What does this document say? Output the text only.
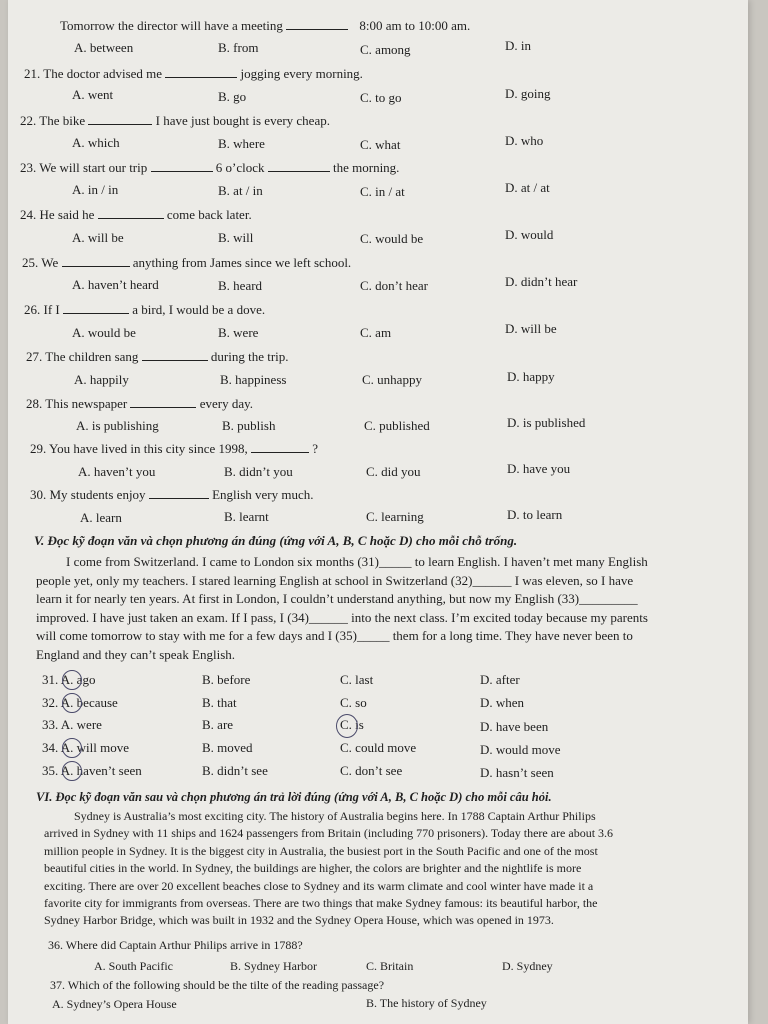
Tomorrow the director will have a meeting	8:00 am to 10:00 am.
A. between	B. from	C. among	D. in
21. The doctor advised me	jogging every morning.
A. went	B. go	C. to go	D. going
22. The bike	I have just bought is every cheap.
A. which	B. where	C. what	D. who
23. We will start our trip	6 o’clock	the morning.
A. in / in	B. at / in	C. in / at	D. at / at
24. He said he	come back later.
A. will be	B. will	C. would be	D. would
25. We	anything from James since we left school.
A. haven’t heard	B. heard	C. don’t hear	D. didn’t hear
26. If I	a bird, I would be a dove.
A. would be	B. were	C. am	D. will be
27. The children sang	during the trip.
A. happily	B. happiness	C. unhappy	D. happy
28. This newspaper	every day.
A. is publishing	B. publish	C. published	D. is published
29. You have lived in this city since 1998,	?
A. haven’t you	B. didn’t you	C. did you	D. have you
30. My students enjoy	English very much.
A. learn	B. learnt	C. learning	D. to learn
V. Đọc kỹ đoạn văn và chọn phương án đúng (ứng với A, B, C hoặc D) cho mỗi chỗ trống.
I come from Switzerland. I came to London six months (31)_____ to learn English. I haven’t met many English
people yet, only my teachers. I stared learning English at school in Switzerland (32)______ I was eleven, so I have
learn it for nearly ten years. At first in London, I couldn’t understand anything, but now my English (33)_________
improved. I have just taken an exam. If I pass, I (34)______ into the next class. I’m excited today because my parents
will come tomorrow to stay with me for a few days and I (35)_____ them for a long time. They have never been to
England and they can’t speak English.
31. A. ago	B. before	C. last	D. after
32. A. because	B. that	C. so	D. when
33. A. were	B. are	C. is	D. have been
34. A. will move	B. moved	C. could move	D. would move
35. A. haven’t seen	B. didn’t see	C. don’t see	D. hasn’t seen
VI. Đọc kỹ đoạn văn sau và chọn phương án trả lời đúng (ứng với A, B, C hoặc D) cho mỗi câu hỏi.
Sydney is Australia’s most exciting city. The history of Australia begins here. In 1788 Captain Arthur Philips
arrived in Sydney with 11 ships and 1624 passengers from Britain (including 770 prisoners). Today there are about 3.6
million people in Sydney. It is the biggest city in Australia, the busiest port in the South Pacific and one of the most
beautiful cities in the world. In Sydney, the buildings are higher, the colors are brighter and the nightlife is more
exciting. There are over 20 excellent beaches close to Sydney and its warm climate and cool winter have made it a
favorite city for immigrants from overseas. There are two things that make Sydney famous: its beautiful harbor, the
Sydney Harbor Bridge, which was built in 1932 and the Sydney Opera House, which was opened in 1973.
36. Where did Captain Arthur Philips arrive in 1788?
A. South Pacific	B. Sydney Harbor	C. Britain	D. Sydney
37. Which of the following should be the tilte of the reading passage?
A. Sydney’s Opera House	B. The history of Sydney
